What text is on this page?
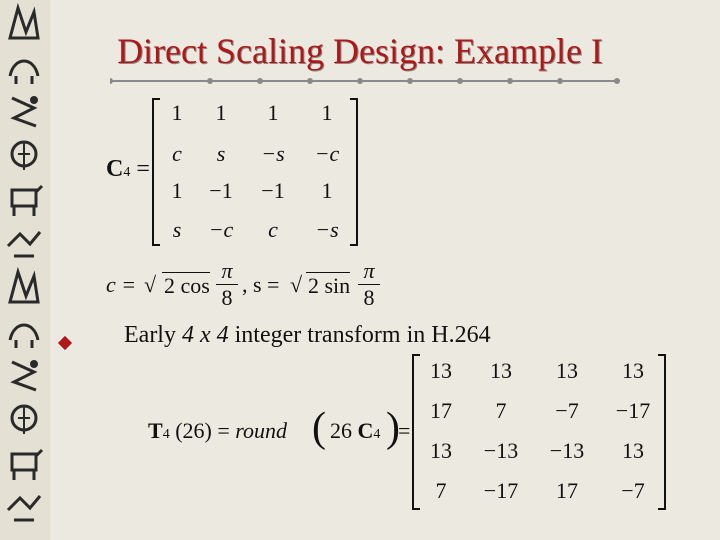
Direct Scaling Design: Example I
C4 =
1	1	1	1
c	s	−s	−c
1	−1	−1	1
s	−c	c	−s
c = √ 2 cos
π
8
, s = √ 2 sin
π
8
Early 4 x 4 integer transform in H.264
T4 (26) = round ( 26 C4 )
=
13	13	13	13
17	7	−7	−17
13	−13	−13	13
7	−17	17	−7
